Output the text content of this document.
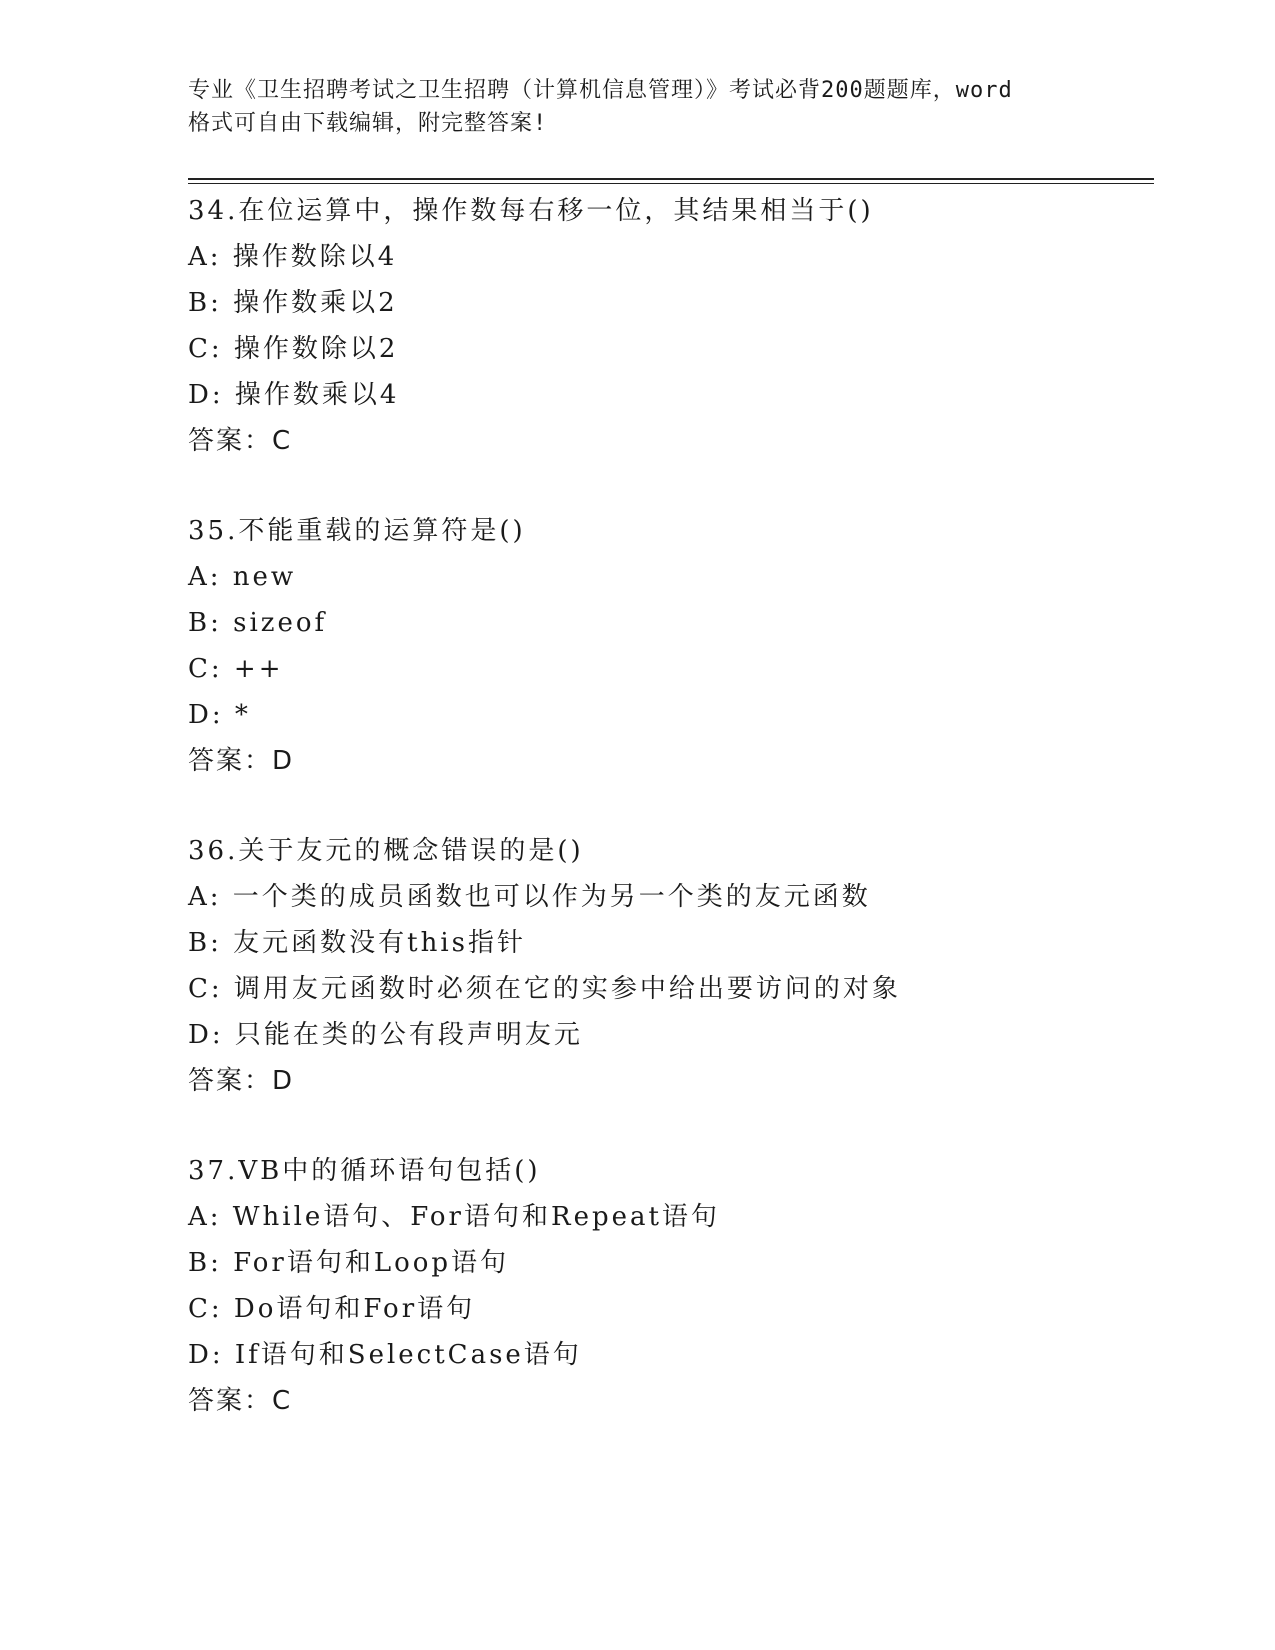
专业《卫生招聘考试之卫生招聘（计算机信息管理）》考试必背200题题库，word
格式可自由下载编辑，附完整答案!
34.在位运算中，操作数每右移一位，其结果相当于()
A: 操作数除以4
B: 操作数乘以2
C: 操作数除以2
D: 操作数乘以4
答案：C
35.不能重载的运算符是()
A: new
B: sizeof
C: ++
D: *
答案：D
36.关于友元的概念错误的是()
A: 一个类的成员函数也可以作为另一个类的友元函数
B: 友元函数没有this指针
C: 调用友元函数时必须在它的实参中给出要访问的对象
D: 只能在类的公有段声明友元
答案：D
37.VB中的循环语句包括()
A: While语句、For语句和Repeat语句
B: For语句和Loop语句
C: Do语句和For语句
D: If语句和SelectCase语句
答案：C
